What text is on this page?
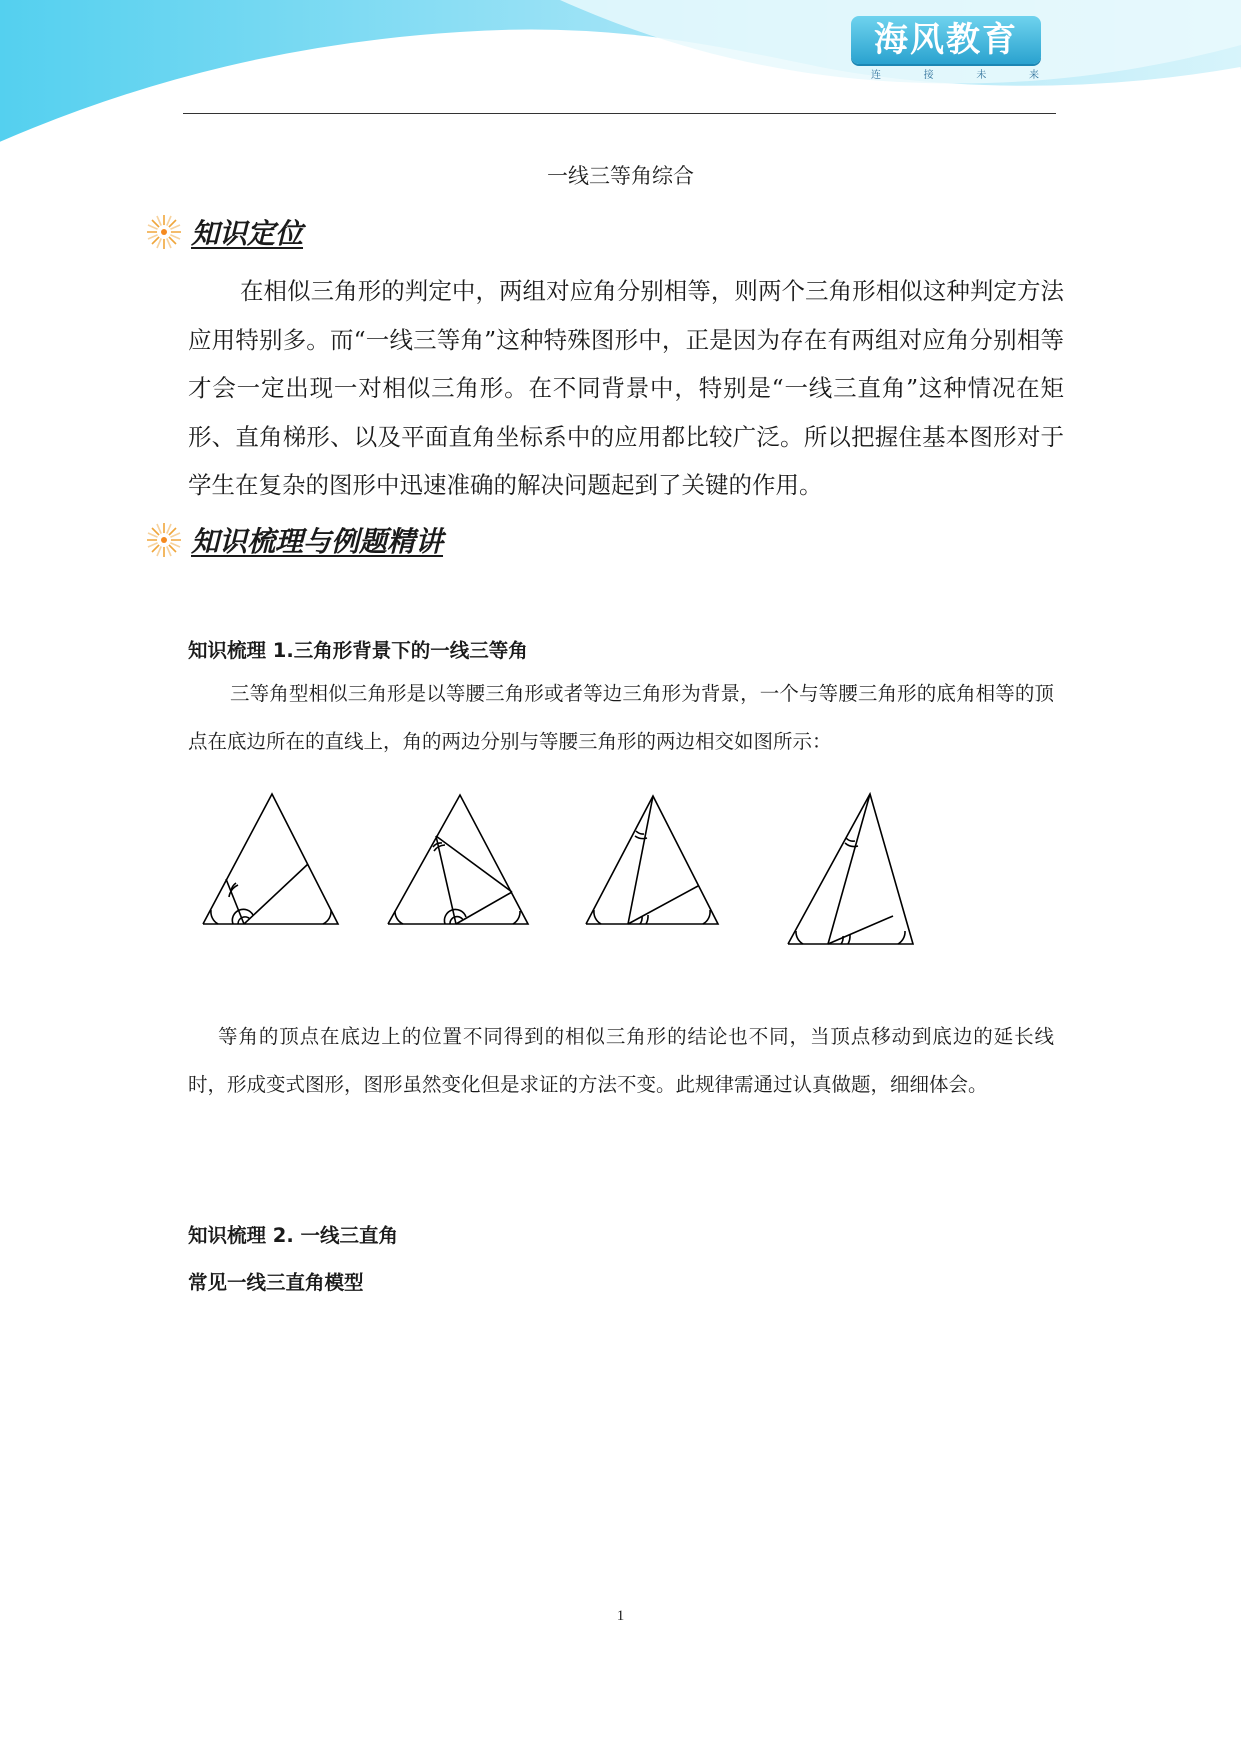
海风教育
连	接	未	来
一线三等角综合
知识定位
在相似三角形的判定中，两组对应角分别相等，则两个三角形相似这种判定方法应用特别多。而“一线三等角”这种特殊图形中，正是因为存在有两组对应角分别相等才会一定出现一对相似三角形。在不同背景中，特别是“一线三直角”这种情况在矩形、直角梯形、以及平面直角坐标系中的应用都比较广泛。所以把握住基本图形对于学生在复杂的图形中迅速准确的解决问题起到了关键的作用。
知识梳理与例题精讲
知识梳理 1.三角形背景下的一线三等角
三等角型相似三角形是以等腰三角形或者等边三角形为背景，一个与等腰三角形的底角相等的顶点在底边所在的直线上，角的两边分别与等腰三角形的两边相交如图所示：
等角的顶点在底边上的位置不同得到的相似三角形的结论也不同，当顶点移动到底边的延长线时，形成变式图形，图形虽然变化但是求证的方法不变。此规律需通过认真做题，细细体会。
知识梳理 2. 一线三直角
常见一线三直角模型
1
